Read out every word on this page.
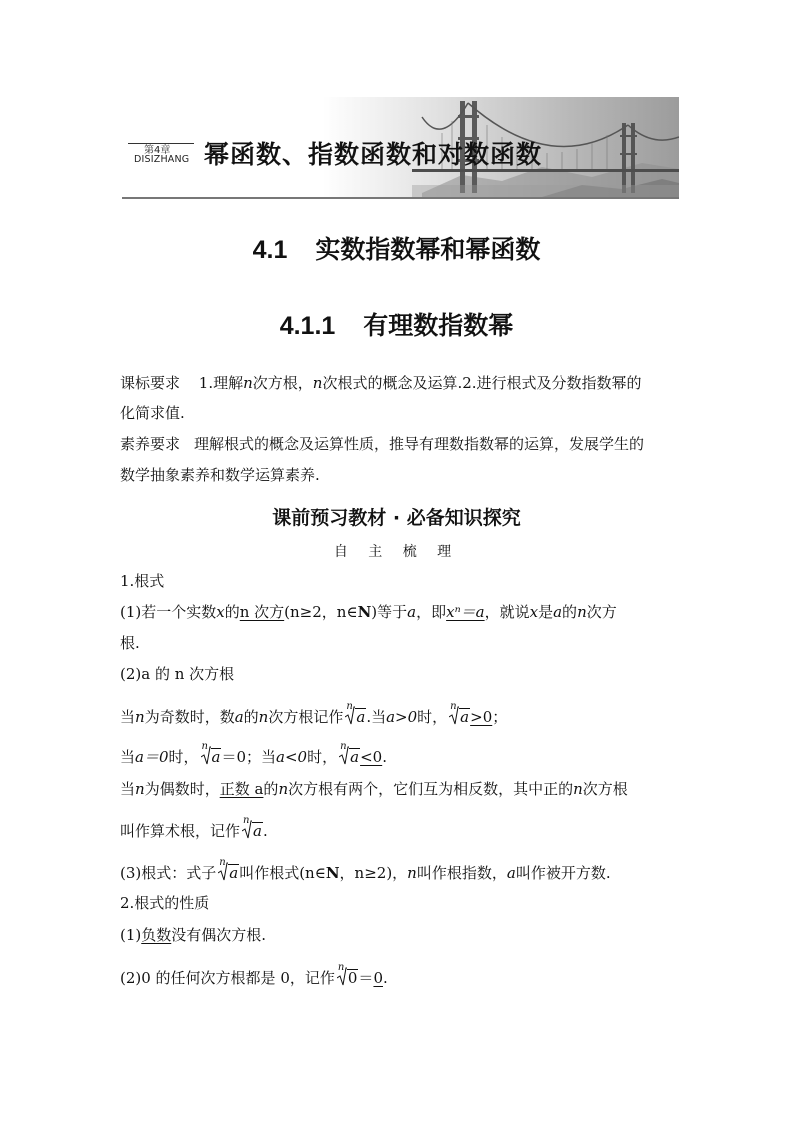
第4章
DISIZHANG 幂函数、指数函数和对数函数
4.1 实数指数幂和幂函数
4.1.1 有理数指数幂
课标要求 1.理解n次方根，n次根式的概念及运算.2.进行根式及分数指数幂的
化简求值.
素养要求 理解根式的概念及运算性质，推导有理数指数幂的运算，发展学生的
数学抽象素养和数学运算素养.
课前预习教材 · 必备知识探究
自 主 梳 理
1.根式
(1)若一个实数x的n 次方(n≥2，n∈N)等于a，即xⁿ＝a，就说x是a的n次方
根.
(2)a 的 n 次方根
当n为奇数时，数a的n次方根记作
n
a.当a>0时，
n
a>0；
当a＝0时，
n
a＝0；当a<0时，
n
a<0.
当n为偶数时，正数 a的n次方根有两个，它们互为相反数，其中正的n次方根
叫作算术根，记作
n
a.
(3)根式：式子
n
a叫作根式(n∈N，n≥2)，n叫作根指数，a叫作被开方数.
2.根式的性质
(1)负数没有偶次方根.
(2)0 的任何次方根都是 0，记作
n
0＝0.
